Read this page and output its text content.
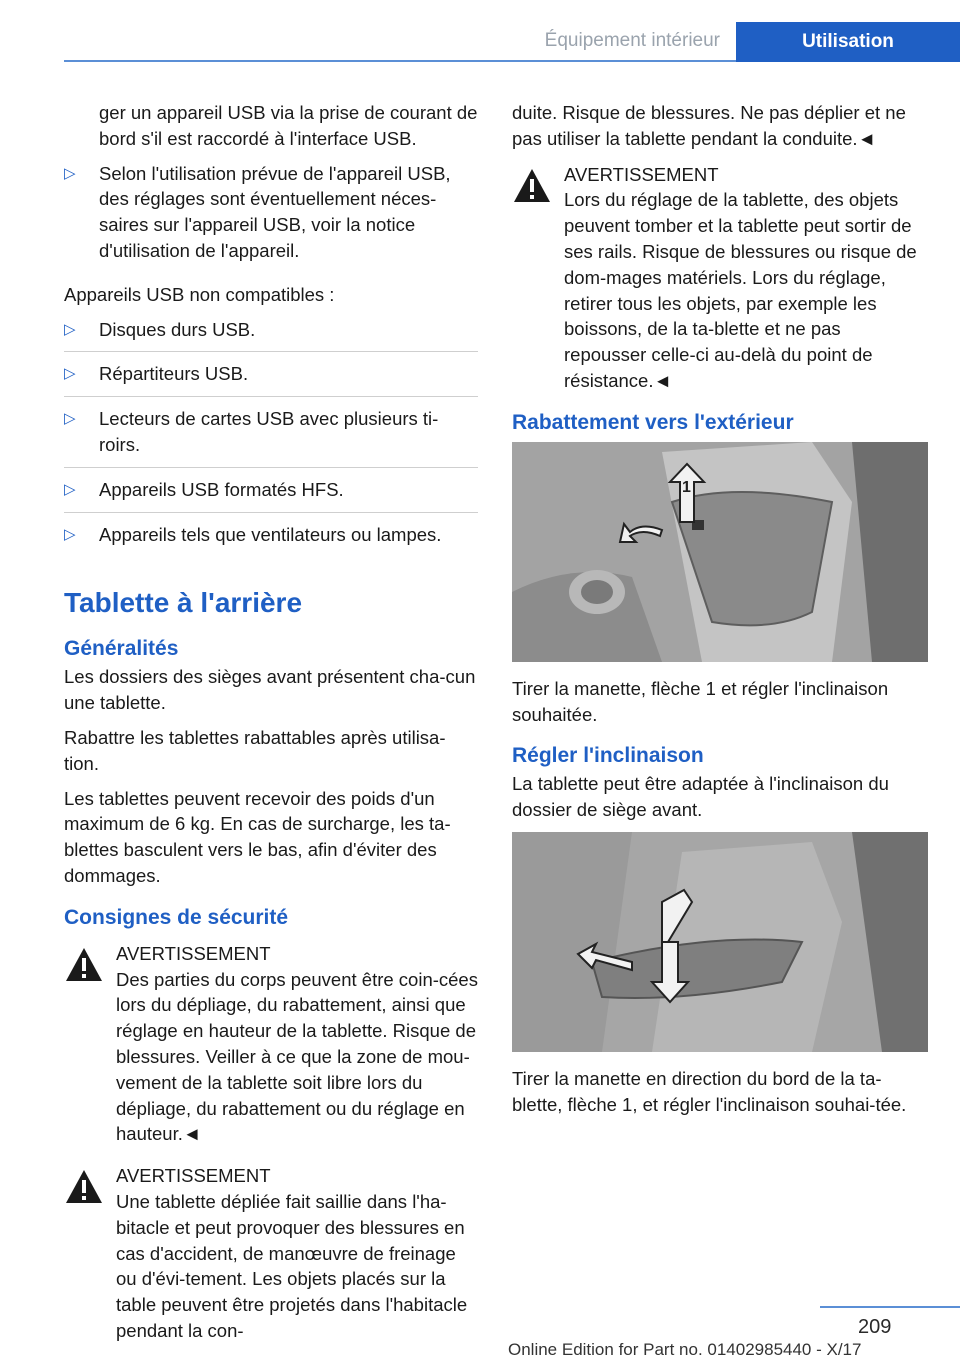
Équipement intérieur	Utilisation

ger un appareil USB via la prise de courant de bord s'il est raccordé à l'interface USB.

▷ Selon l'utilisation prévue de l'appareil USB, des réglages sont éventuellement néces-saires sur l'appareil USB, voir la notice d'utilisation de l'appareil.

Appareils USB non compatibles :

▷ Disques durs USB.
▷ Répartiteurs USB.
▷ Lecteurs de cartes USB avec plusieurs ti-roirs.
▷ Appareils USB formatés HFS.
▷ Appareils tels que ventilateurs ou lampes.
Tablette à l'arrière
Généralités

Les dossiers des sièges avant présentent cha-cun une tablette.

Rabattre les tablettes rabattables après utilisa-tion.

Les tablettes peuvent recevoir des poids d'un maximum de 6 kg. En cas de surcharge, les ta-blettes basculent vers le bas, afin d'éviter des dommages.

Consignes de sécurité
AVERTISSEMENT
Des parties du corps peuvent être coin-cées lors du dépliage, du rabattement, ainsi que réglage en hauteur de la tablette. Risque de blessures. Veiller à ce que la zone de mou-vement de la tablette soit libre lors du dépliage, du rabattement ou du réglage en hauteur.◄
AVERTISSEMENT
Une tablette dépliée fait saillie dans l'ha-bitacle et peut provoquer des blessures en cas d'accident, de manœuvre de freinage ou d'évi-tement. Les objets placés sur la table peuvent être projetés dans l'habitacle pendant la con-

duite. Risque de blessures. Ne pas déplier et ne pas utiliser la tablette pendant la conduite.◄

AVERTISSEMENT
Lors du réglage de la tablette, des objets peuvent tomber et la tablette peut sortir de ses rails. Risque de blessures ou risque de dom-mages matériels. Lors du réglage, retirer tous les objets, par exemple les boissons, de la ta-blette et ne pas repousser celle-ci au-delà du point de résistance.◄
Rabattement vers l'extérieur
1

Tirer la manette, flèche 1 et régler l'inclinaison souhaitée.

Régler l'inclinaison

La tablette peut être adaptée à l'inclinaison du dossier de siège avant.

Tirer la manette en direction du bord de la ta-blette, flèche 1, et régler l'inclinaison souhai-tée.

209
Online Edition for Part no. 01402985440 - X/17
